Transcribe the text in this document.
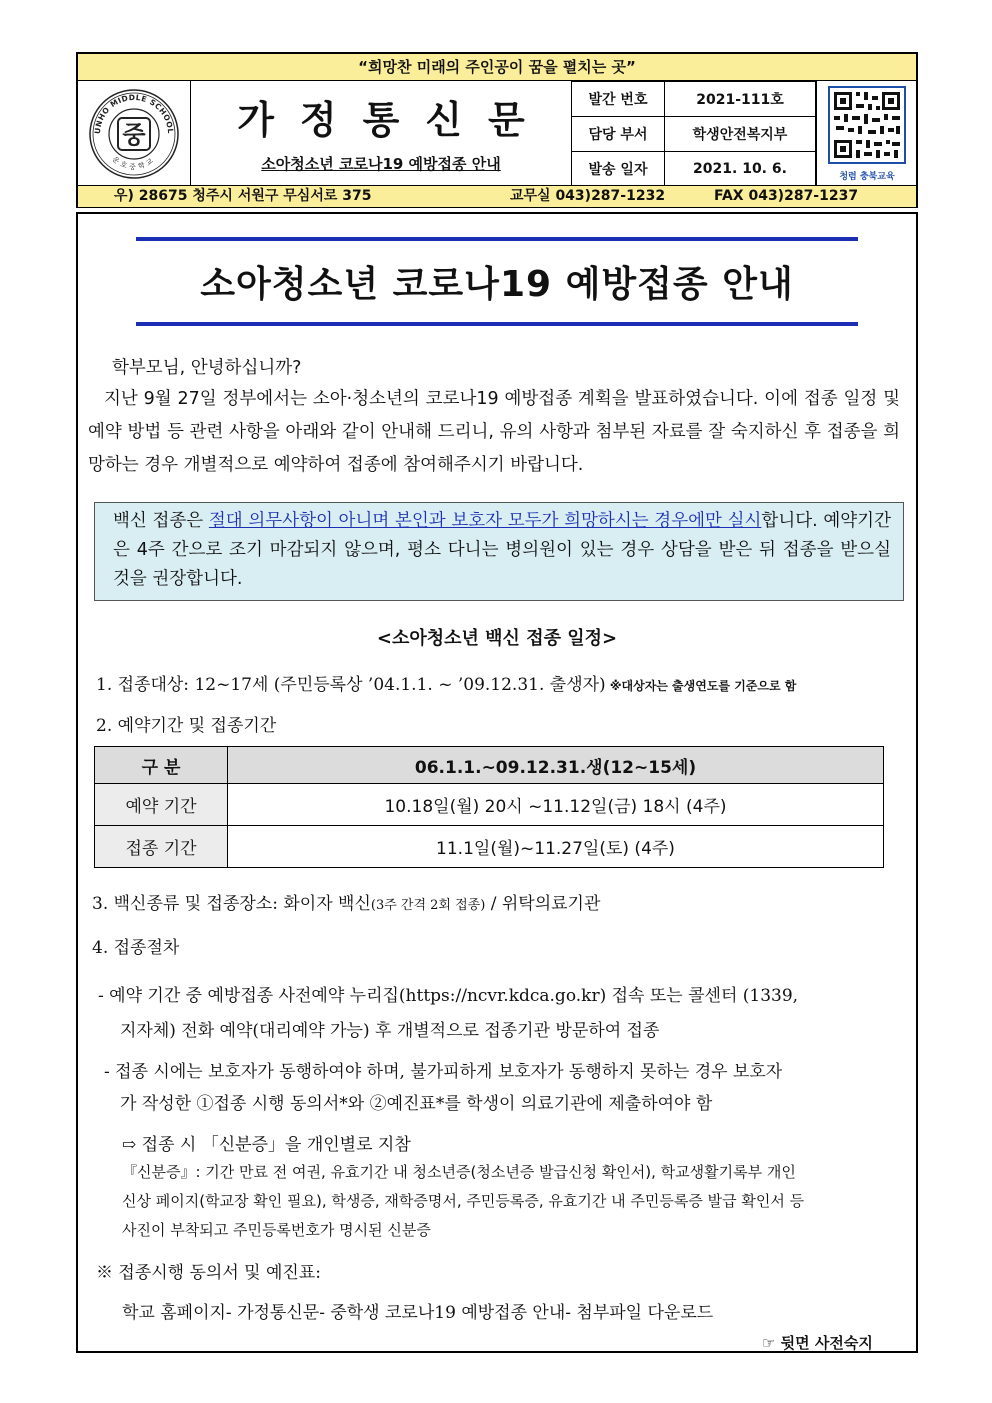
“희망찬 미래의 주인공이 꿈을 펼치는 곳”
UNHO MIDDLE SCHOOL
운호중학교
중	가정통신문
소아청소년 코로나19 예방접종 안내
발간 번호	2021-111호
담당 부서	학생안전복지부
발송 일자	2021. 10. 6.	청렴 충북교육
우) 28675 청주시 서원구 무심서로 375	교무실 043)287-1232	FAX 043)287-1237
소아청소년 코로나19 예방접종 안내
학부모님, 안녕하십니까?
지난 9월 27일 정부에서는 소아·청소년의 코로나19 예방접종 계획을 발표하였습니다. 이에 접종 일정 및 예약 방법 등 관련 사항을 아래와 같이 안내해 드리니, 유의 사항과 첨부된 자료를 잘 숙지하신 후 접종을 희망하는 경우 개별적으로 예약하여 접종에 참여해주시기 바랍니다.
백신 접종은 절대 의무사항이 아니며 본인과 보호자 모두가 희망하시는 경우에만 실시합니다. 예약기간은 4주 간으로 조기 마감되지 않으며, 평소 다니는 병의원이 있는 경우 상담을 받은 뒤 접종을 받으실 것을 권장합니다.
<소아청소년 백신 접종 일정>
1. 접종대상: 12~17세 (주민등록상 ’04.1.1. ~ ’09.12.31. 출생자) ※대상자는 출생연도를 기준으로 함
2. 예약기간 및 접종기간
구 분	06.1.1.~09.12.31.생(12~15세)
예약 기간	10.18일(월) 20시 ~11.12일(금) 18시 (4주)
접종 기간	11.1일(월)~11.27일(토) (4주)
3. 백신종류 및 접종장소: 화이자 백신(3주 간격 2회 접종) / 위탁의료기관
4. 접종절차
- 예약 기간 중 예방접종 사전예약 누리집(https://ncvr.kdca.go.kr) 접속 또는 콜센터 (1339,
지자체) 전화 예약(대리예약 가능) 후 개별적으로 접종기관 방문하여 접종
- 접종 시에는 보호자가 동행하여야 하며, 불가피하게 보호자가 동행하지 못하는 경우 보호자
가 작성한 ①접종 시행 동의서*와 ②예진표*를 학생이 의료기관에 제출하여야 함
⇨ 접종 시 「신분증」을 개인별로 지참
『신분증』: 기간 만료 전 여권, 유효기간 내 청소년증(청소년증 발급신청 확인서), 학교생활기록부 개인
신상 페이지(학교장 확인 필요), 학생증, 재학증명서, 주민등록증, 유효기간 내 주민등록증 발급 확인서 등
사진이 부착되고 주민등록번호가 명시된 신분증
※ 접종시행 동의서 및 예진표:
학교 홈페이지- 가정통신문- 중학생 코로나19 예방접종 안내- 첨부파일 다운로드
☞ 뒷면 사전숙지
